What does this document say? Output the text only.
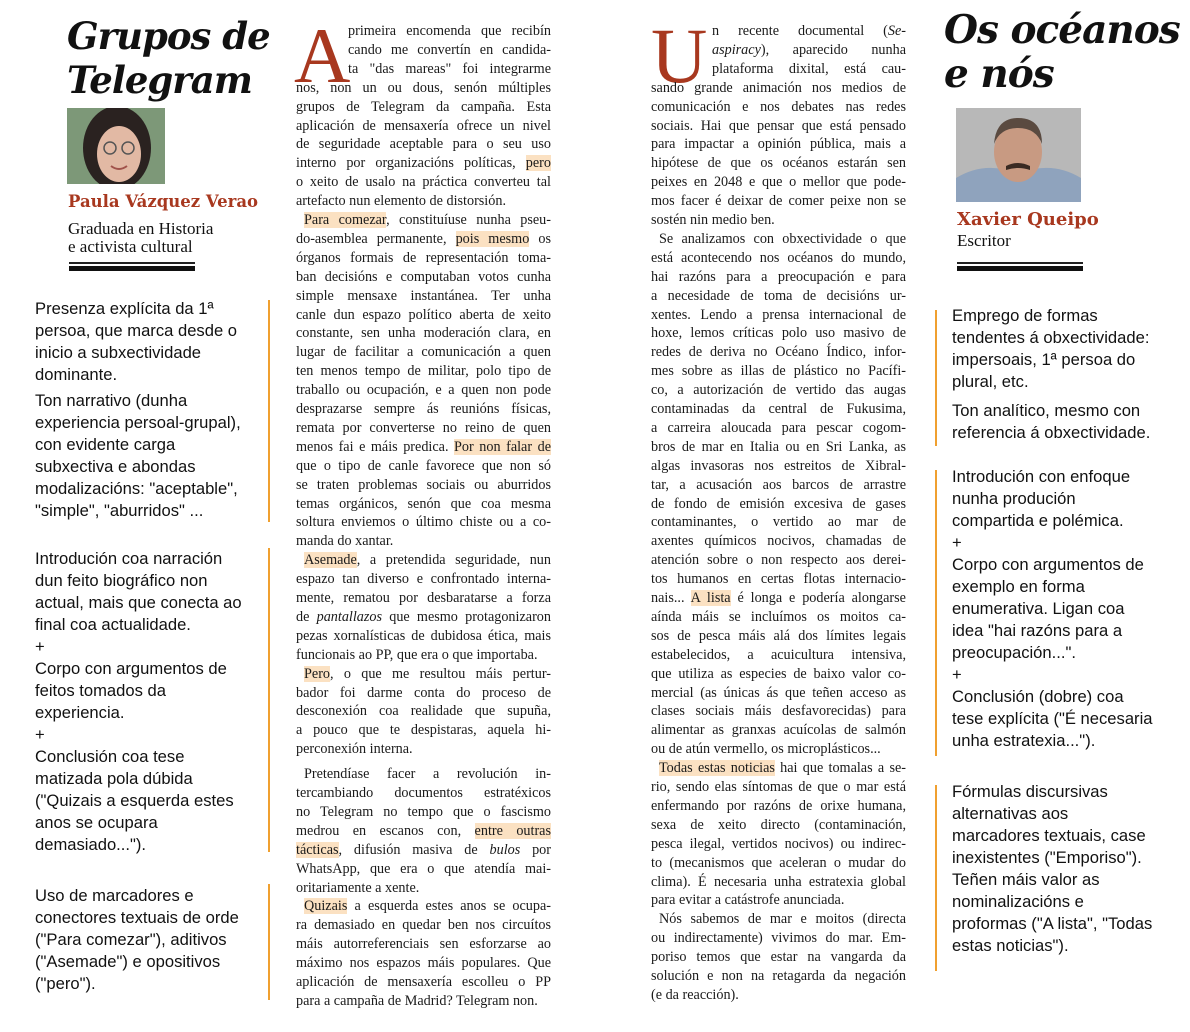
Grupos de
Telegram
Paula Vázquez Verao
Graduada en Historia
e activista cultural
Os océanos
e nós
Xavier Queipo
Escritor
A
primeira encomenda que recibín
cando me convertín en candida-
ta "das mareas" foi integrarme
nos, non un ou dous, senón múltiples
grupos de Telegram da campaña. Esta
aplicación de mensaxería ofrece un nivel
de seguridade aceptable para o seu uso
interno por organizacións políticas, pero
o xeito de usalo na práctica converteu tal
artefacto nun elemento de distorsión.
Para comezar, constituíuse nunha pseu-
do-asemblea permanente, pois mesmo os
órganos formais de representación toma-
ban decisións e computaban votos cunha
simple mensaxe instantánea. Ter unha
canle dun espazo político aberta de xeito
constante, sen unha moderación clara, en
lugar de facilitar a comunicación a quen
ten menos tempo de militar, polo tipo de
traballo ou ocupación, e a quen non pode
desprazarse sempre ás reunións físicas,
remata por converterse no reino de quen
menos fai e máis predica. Por non falar de
que o tipo de canle favorece que non só
se traten problemas sociais ou aburridos
temas orgánicos, senón que coa mesma
soltura enviemos o último chiste ou a co-
manda do xantar.
Asemade, a pretendida seguridade, nun
espazo tan diverso e confrontado interna-
mente, rematou por desbaratarse a forza
de pantallazos que mesmo protagonizaron
pezas xornalísticas de dubidosa ética, mais
funcionais ao PP, que era o que importaba.
Pero, o que me resultou máis pertur-
bador foi darme conta do proceso de
desconexión coa realidade que supuña,
a pouco que te despistaras, aquela hi-
perconexión interna.
Pretendíase facer a revolución in-
tercambiando documentos estratéxicos
no Telegram no tempo que o fascismo
medrou en escanos con, entre outras
tácticas, difusión masiva de bulos por
WhatsApp, que era o que atendía mai-
oritariamente a xente.
Quizais a esquerda estes anos se ocupa-
ra demasiado en quedar ben nos circuítos
máis autorreferenciais sen esforzarse ao
máximo nos espazos máis populares. Que
aplicación de mensaxería escolleu o PP
para a campaña de Madrid? Telegram non.
U n recente documental (Se-
aspiracy), aparecido nunha
plataforma dixital, está cau-
sando grande animación nos medios de
comunicación e nos debates nas redes
sociais. Hai que pensar que está pensado
para impactar a opinión pública, mais a
hipótese de que os océanos estarán sen
peixes en 2048 e que o mellor que pode-
mos facer é deixar de comer peixe non se
sostén nin medio ben.
Se analizamos con obxectividade o que
está acontecendo nos océanos do mundo,
hai razóns para a preocupación e para
a necesidade de toma de decisións ur-
xentes. Lendo a prensa internacional de
hoxe, lemos críticas polo uso masivo de
redes de deriva no Océano Índico, infor-
mes sobre as illas de plástico no Pacífi-
co, a autorización de vertido das augas
contaminadas da central de Fukusima,
a carreira aloucada para pescar cogom-
bros de mar en Italia ou en Sri Lanka, as
algas invasoras nos estreitos de Xibral-
tar, a acusación aos barcos de arrastre
de fondo de emisión excesiva de gases
contaminantes, o vertido ao mar de
axentes químicos nocivos, chamadas de
atención sobre o non respecto aos derei-
tos humanos en certas flotas internacio-
nais... A lista é longa e podería alongarse
aínda máis se incluímos os moitos ca-
sos de pesca máis alá dos límites legais
estabelecidos, a acuicultura intensiva,
que utiliza as especies de baixo valor co-
mercial (as únicas ás que teñen acceso as
clases sociais máis desfavorecidas) para
alimentar as granxas acuícolas de salmón
ou de atún vermello, os microplásticos...
Todas estas noticias hai que tomalas a se-
rio, sendo elas síntomas de que o mar está
enfermando por razóns de orixe humana,
sexa de xeito directo (contaminación,
pesca ilegal, vertidos nocivos) ou indirec-
to (mecanismos que aceleran o mudar do
clima). É necesaria unha estratexia global
para evitar a catástrofe anunciada.
Nós sabemos de mar e moitos (directa
ou indirectamente) vivimos do mar. Em-
poriso temos que estar na vangarda da
solución e non na retagarda da negación
(e da reacción).
Presenza explícita da 1ª
persoa, que marca desde o
inicio a subxectividade
dominante.
Ton narrativo (dunha
experiencia persoal-grupal),
con evidente carga
subxectiva e abondas
modalizacións: "aceptable",
"simple", "aburridos" ...
Introdución coa narración
dun feito biográfico non
actual, mais que conecta ao
final coa actualidade.
+
Corpo con argumentos de
feitos tomados da
experiencia.
+
Conclusión coa tese
matizada pola dúbida
("Quizais a esquerda estes
anos se ocupara
demasiado...").
Uso de marcadores e
conectores textuais de orde
("Para comezar"), aditivos
("Asemade") e opositivos
("pero").
Emprego de formas
tendentes á obxectividade:
impersoais, 1ª persoa do
plural, etc.
Ton analítico, mesmo con
referencia á obxectividade.
Introdución con enfoque
nunha produción
compartida e polémica.
+
Corpo con argumentos de
exemplo en forma
enumerativa. Ligan coa
idea "hai razóns para a
preocupación...".
+
Conclusión (dobre) coa
tese explícita ("É necesaria
unha estratexia...").
Fórmulas discursivas
alternativas aos
marcadores textuais, case
inexistentes ("Emporiso").
Teñen máis valor as
nominalizacións e
proformas ("A lista", "Todas
estas noticias").
